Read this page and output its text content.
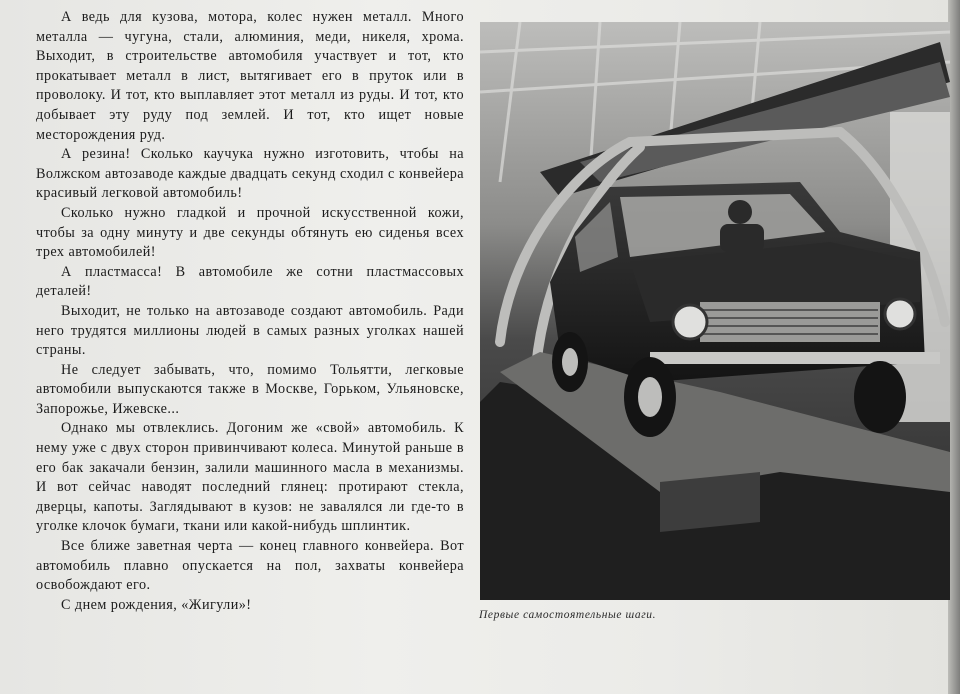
А ведь для кузова, мотора, колес нужен металл. Много металла — чугуна, стали, алюминия, меди, никеля, хрома. Выходит, в строительстве автомобиля участвует и тот, кто прокатывает металл в лист, вытягивает его в пруток или в проволоку. И тот, кто выплавляет этот металл из руды. И тот, кто добывает эту руду под землей. И тот, кто ищет новые месторождения руд.

А резина! Сколько каучука нужно изготовить, чтобы на Волжском автозаводе каждые двадцать секунд сходил с конвейера красивый легковой автомобиль!

Сколько нужно гладкой и прочной искусственной кожи, чтобы за одну минуту и две секунды обтянуть ею сиденья всех трех автомобилей!

А пластмасса! В автомобиле же сотни пластмассовых деталей!

Выходит, не только на автозаводе создают автомобиль. Ради него трудятся миллионы людей в самых разных уголках нашей страны.

Не следует забывать, что, помимо Тольятти, легковые автомобили выпускаются также в Москве, Горьком, Ульяновске, Запорожье, Ижевске...

Однако мы отвлеклись. Догоним же «свой» автомобиль. К нему уже с двух сторон привинчивают колеса. Минутой раньше в его бак закачали бензин, залили машинного масла в механизмы. И вот сейчас наводят последний глянец: протирают стекла, дверцы, капоты. Заглядывают в кузов: не завалялся ли где-то в уголке клочок бумаги, ткани или какой-нибудь шплинтик.

Все ближе заветная черта — конец главного конвейера. Вот автомобиль плавно опускается на пол, захваты конвейера освобождают его.

С днем рождения, «Жигули»!

Первые самостоятельные шаги.
